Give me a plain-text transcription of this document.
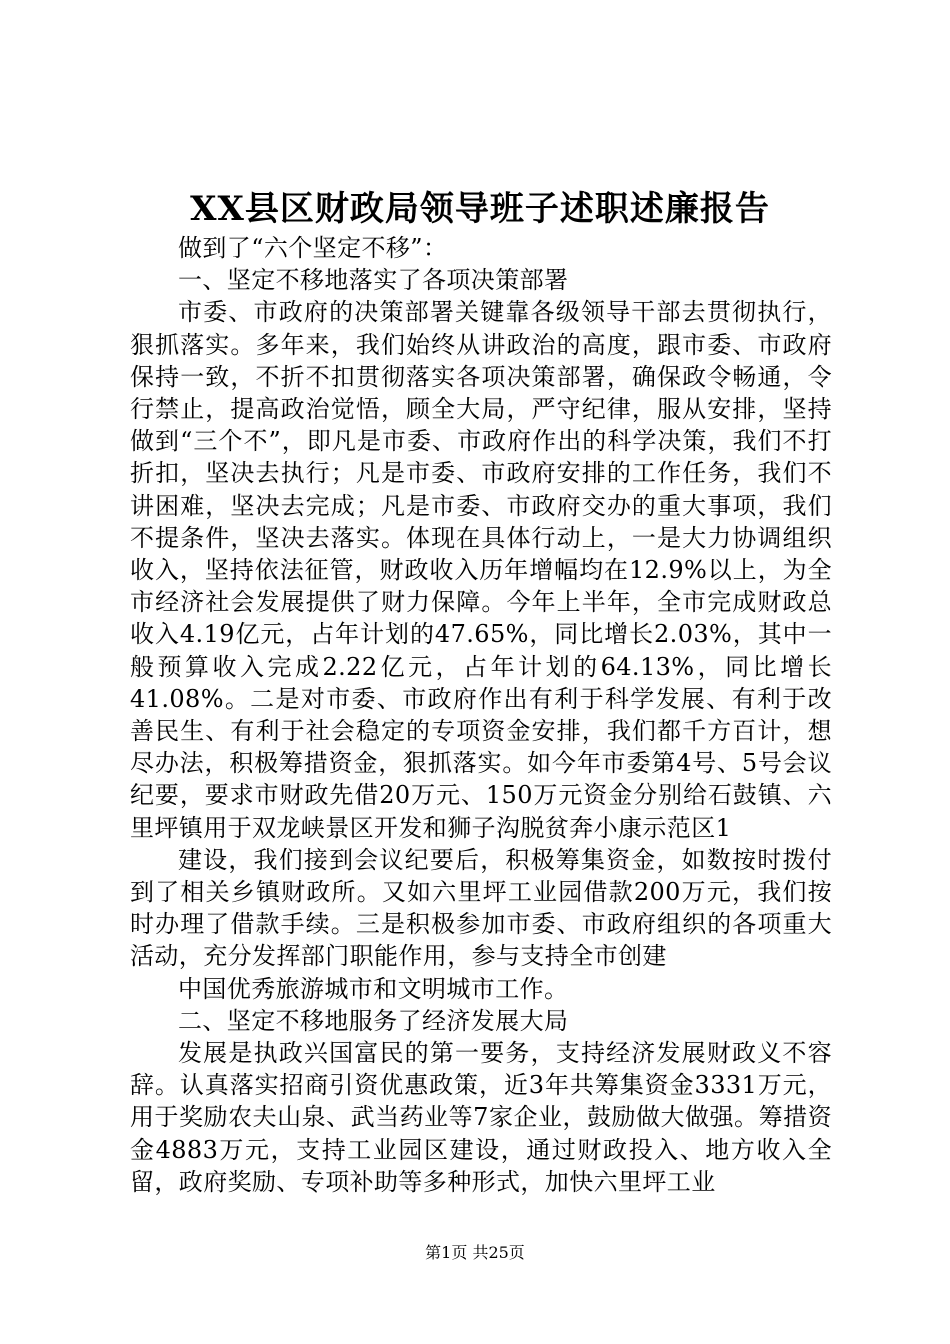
XX县区财政局领导班子述职述廉报告

做到了“六个坚定不移”：

一、坚定不移地落实了各项决策部署

市委、市政府的决策部署关键靠各级领导干部去贯彻执行，狠抓落实。多年来，我们始终从讲政治的高度，跟市委、市政府保持一致，不折不扣贯彻落实各项决策部署，确保政令畅通，令行禁止，提高政治觉悟，顾全大局，严守纪律，服从安排，坚持做到“三个不”，即凡是市委、市政府作出的科学决策，我们不打折扣，坚决去执行；凡是市委、市政府安排的工作任务，我们不讲困难，坚决去完成；凡是市委、市政府交办的重大事项，我们不提条件，坚决去落实。体现在具体行动上，一是大力协调组织收入，坚持依法征管，财政收入历年增幅均在12.9%以上，为全市经济社会发展提供了财力保障。今年上半年，全市完成财政总收入4.19亿元，占年计划的47.65%，同比增长2.03%，其中一般预算收入完成2.22亿元，占年计划的64.13%，同比增长41.08%。二是对市委、市政府作出有利于科学发展、有利于改善民生、有利于社会稳定的专项资金安排，我们都千方百计，想尽办法，积极筹措资金，狠抓落实。如今年市委第4号、5号会议纪要，要求市财政先借20万元、150万元资金分别给石鼓镇、六里坪镇用于双龙峡景区开发和狮子沟脱贫奔小康示范区1

建设，我们接到会议纪要后，积极筹集资金，如数按时拨付到了相关乡镇财政所。又如六里坪工业园借款200万元，我们按时办理了借款手续。三是积极参加市委、市政府组织的各项重大活动，充分发挥部门职能作用，参与支持全市创建

中国优秀旅游城市和文明城市工作。

二、坚定不移地服务了经济发展大局

发展是执政兴国富民的第一要务，支持经济发展财政义不容辞。认真落实招商引资优惠政策，近3年共筹集资金3331万元，用于奖励农夫山泉、武当药业等7家企业，鼓励做大做强。筹措资金4883万元，支持工业园区建设，通过财政投入、地方收入全留，政府奖励、专项补助等多种形式，加快六里坪工业

第1页 共25页
